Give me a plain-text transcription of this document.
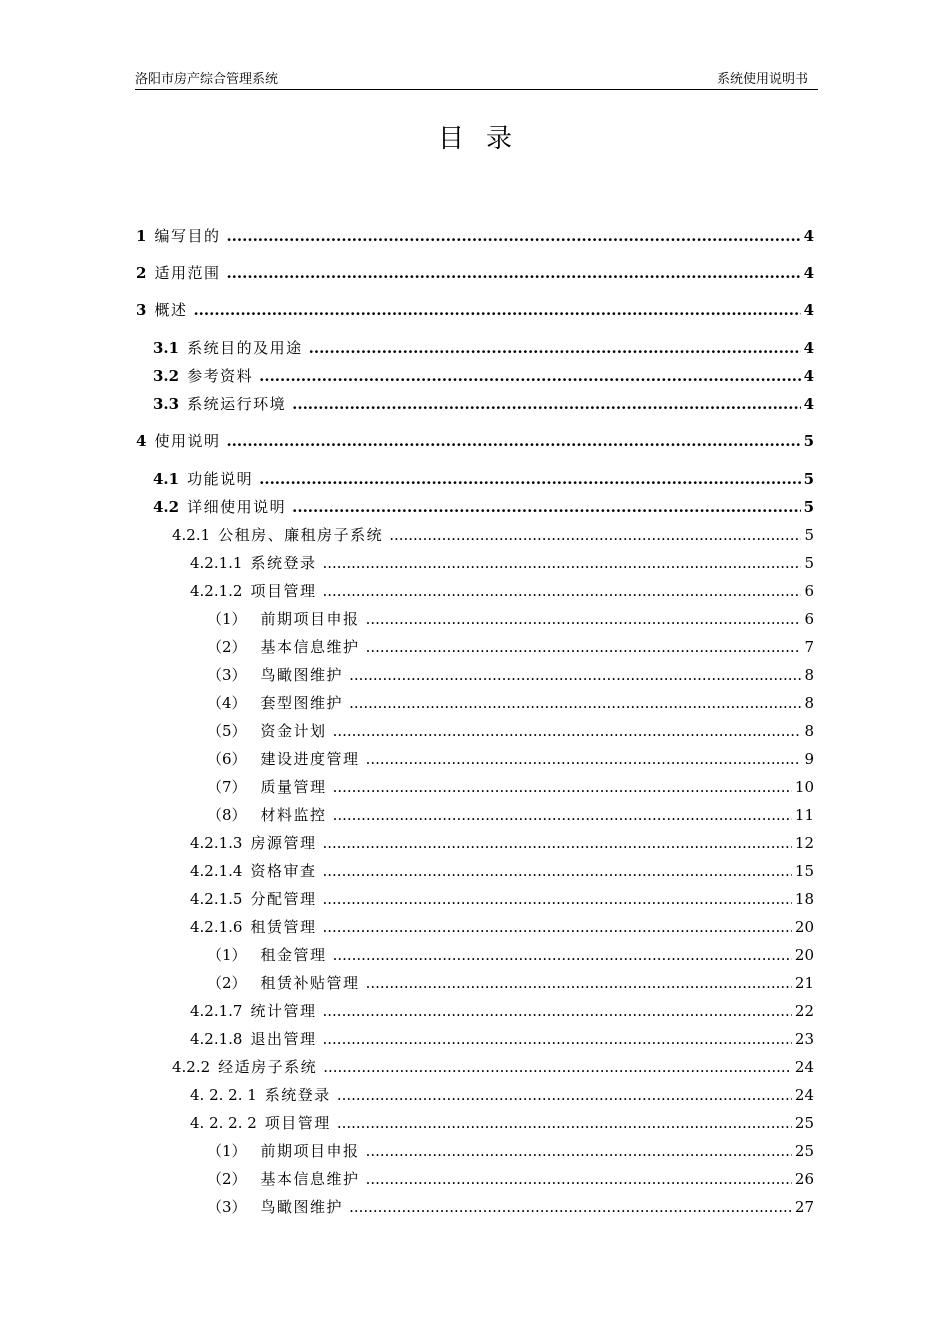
洛阳市房产综合管理系统	系统使用说明书
目录
1 编写目的 .....	4
2 适用范围 .....	4
3 概述 .....	4
3.1 系统目的及用途 .....	4
3.2 参考资料 .....	4
3.3 系统运行环境 .....	4
4 使用说明 .....	5
4.1 功能说明 .....	5
4.2 详细使用说明 .....	5
4.2.1 公租房、廉租房子系统 .....	5
4.2.1.1 系统登录 .....	5
4.2.1.2 项目管理 .....	6
（1） 前期项目申报 .....	6
（2） 基本信息维护 .....	7
（3） 鸟瞰图维护 .....	8
（4） 套型图维护 .....	8
（5） 资金计划 .....	8
（6） 建设进度管理 .....	9
（7） 质量管理 .....	10
（8） 材料监控 .....	11
4.2.1.3 房源管理 .....	12
4.2.1.4 资格审查 .....	15
4.2.1.5 分配管理 .....	18
4.2.1.6 租赁管理 .....	20
（1） 租金管理 .....	20
（2） 租赁补贴管理 .....	21
4.2.1.7 统计管理 .....	22
4.2.1.8 退出管理 .....	23
4.2.2 经适房子系统 .....	24
4. 2. 2. 1 系统登录 .....	24
4. 2. 2. 2 项目管理 .....	25
（1） 前期项目申报 .....	25
（2） 基本信息维护 .....	26
（3） 鸟瞰图维护 .....	27
